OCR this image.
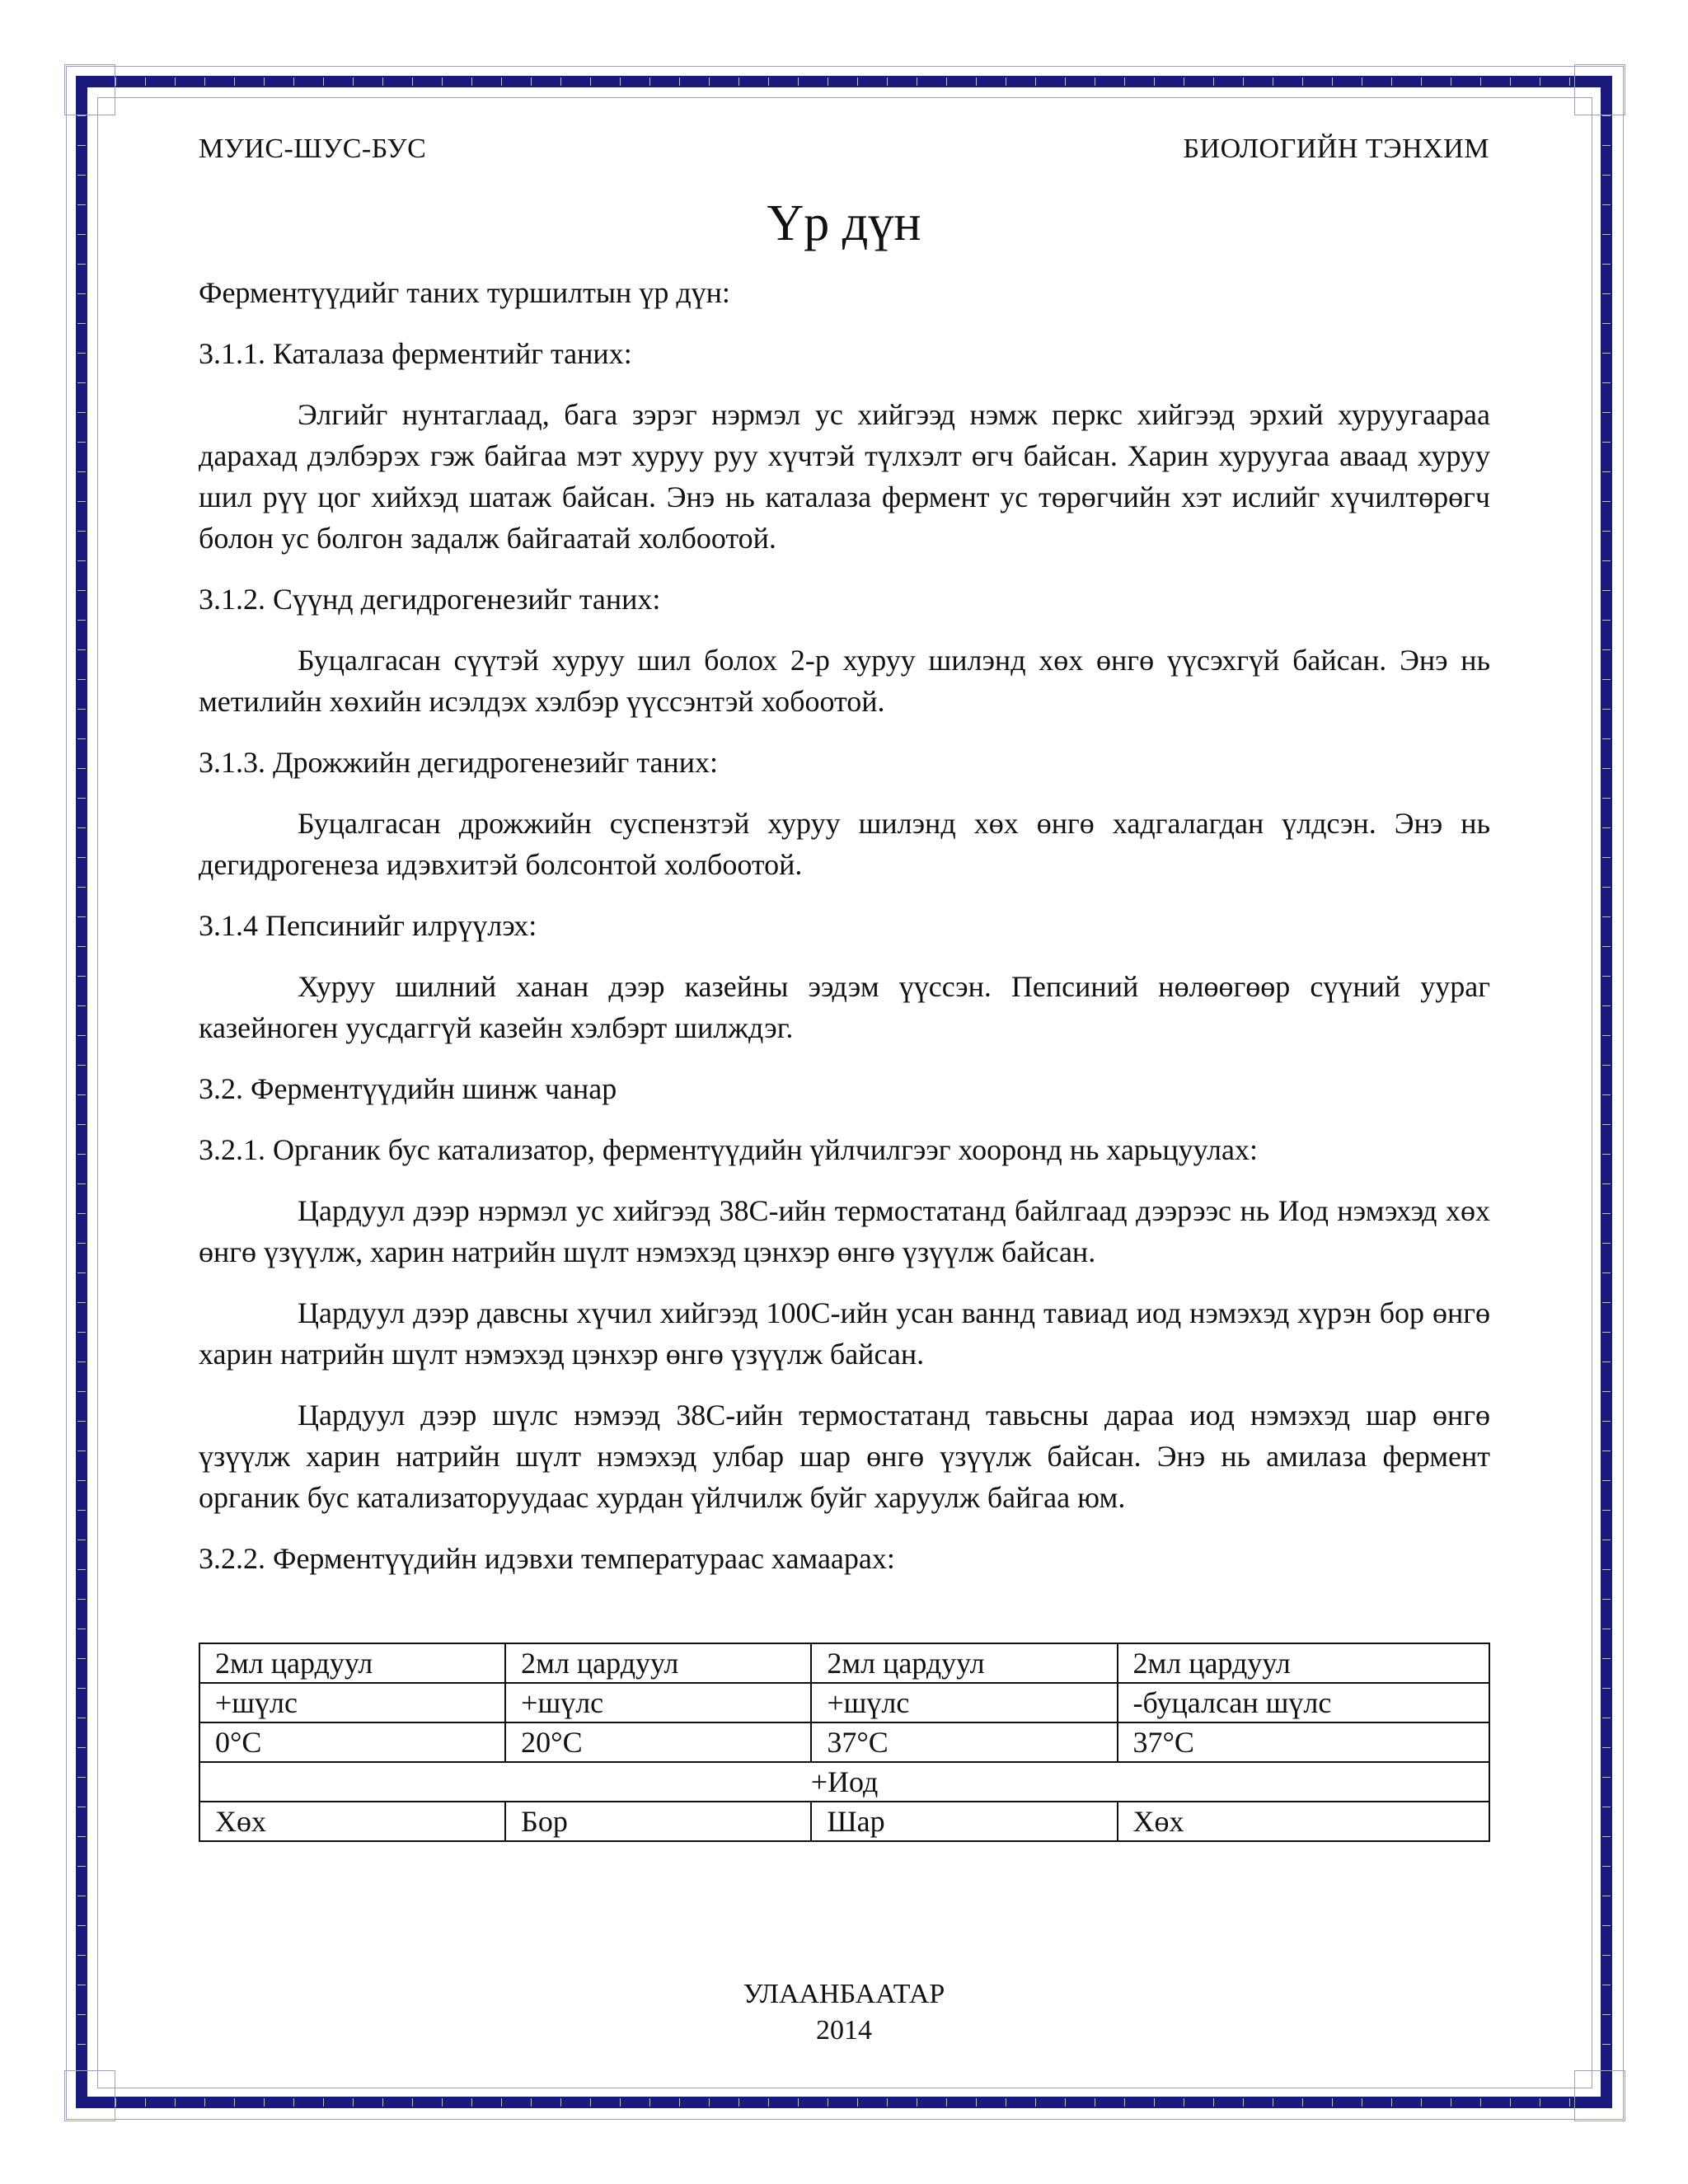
МУИС-ШУС-БУС	БИОЛОГИЙН ТЭНХИМ
Үр дүн

Ферментүүдийг таних туршилтын үр дүн:

3.1.1. Каталаза ферментийг таних:

Элгийг нунтаглаад, бага зэрэг нэрмэл ус хийгээд нэмж перкс хийгээд эрхий хуруугаараа дарахад дэлбэрэх гэж байгаа мэт хуруу руу хүчтэй түлхэлт өгч байсан. Харин хуруугаа аваад хуруу шил рүү цог хийхэд шатаж байсан. Энэ нь каталаза фермент ус төрөгчийн хэт ислийг хүчилтөрөгч болон ус болгон задалж байгаатай холбоотой.

3.1.2. Сүүнд дегидрогенезийг таних:

Буцалгасан сүүтэй хуруу шил болох 2-р хуруу шилэнд хөх өнгө үүсэхгүй байсан. Энэ нь метилийн хөхийн исэлдэх хэлбэр үүссэнтэй хобоотой.

3.1.3. Дрожжийн дегидрогенезийг таних:

Буцалгасан дрожжийн суспензтэй хуруу шилэнд хөх өнгө хадгалагдан үлдсэн. Энэ нь дегидрогенеза идэвхитэй болсонтой холбоотой.

3.1.4 Пепсинийг илрүүлэх:

Хуруу шилний ханан дээр казейны ээдэм үүссэн. Пепсиний нөлөөгөөр сүүний уураг казейноген уусдаггүй казейн хэлбэрт шилждэг.

3.2. Ферментүүдийн шинж чанар

3.2.1. Органик бус катализатор, ферментүүдийн үйлчилгээг хооронд нь харьцуулах:

Цардуул дээр нэрмэл ус хийгээд 38С-ийн термостатанд байлгаад дээрээс нь Иод нэмэхэд хөх өнгө үзүүлж, харин натрийн шүлт нэмэхэд цэнхэр өнгө үзүүлж байсан.

Цардуул дээр давсны хүчил хийгээд 100С-ийн усан ваннд тавиад иод нэмэхэд хүрэн бор өнгө харин натрийн шүлт нэмэхэд цэнхэр өнгө үзүүлж байсан.

Цардуул дээр шүлс нэмээд 38С-ийн термостатанд тавьсны дараа иод нэмэхэд шар өнгө үзүүлж харин натрийн шүлт нэмэхэд улбар шар өнгө үзүүлж байсан. Энэ нь амилаза фермент органик бус катализаторуудаас хурдан үйлчилж буйг харуулж байгаа юм.

3.2.2. Ферментүүдийн идэвхи температураас хамаарах:

2мл цардуул	2мл цардуул	2мл цардуул	2мл цардуул
+шүлс	+шүлс	+шүлс	-буцалсан шүлс
0°С	20°С	37°С	37°С
+Иод			
Хөх	Бор	Шар	Хөх
УЛААНБААТАР
2014
